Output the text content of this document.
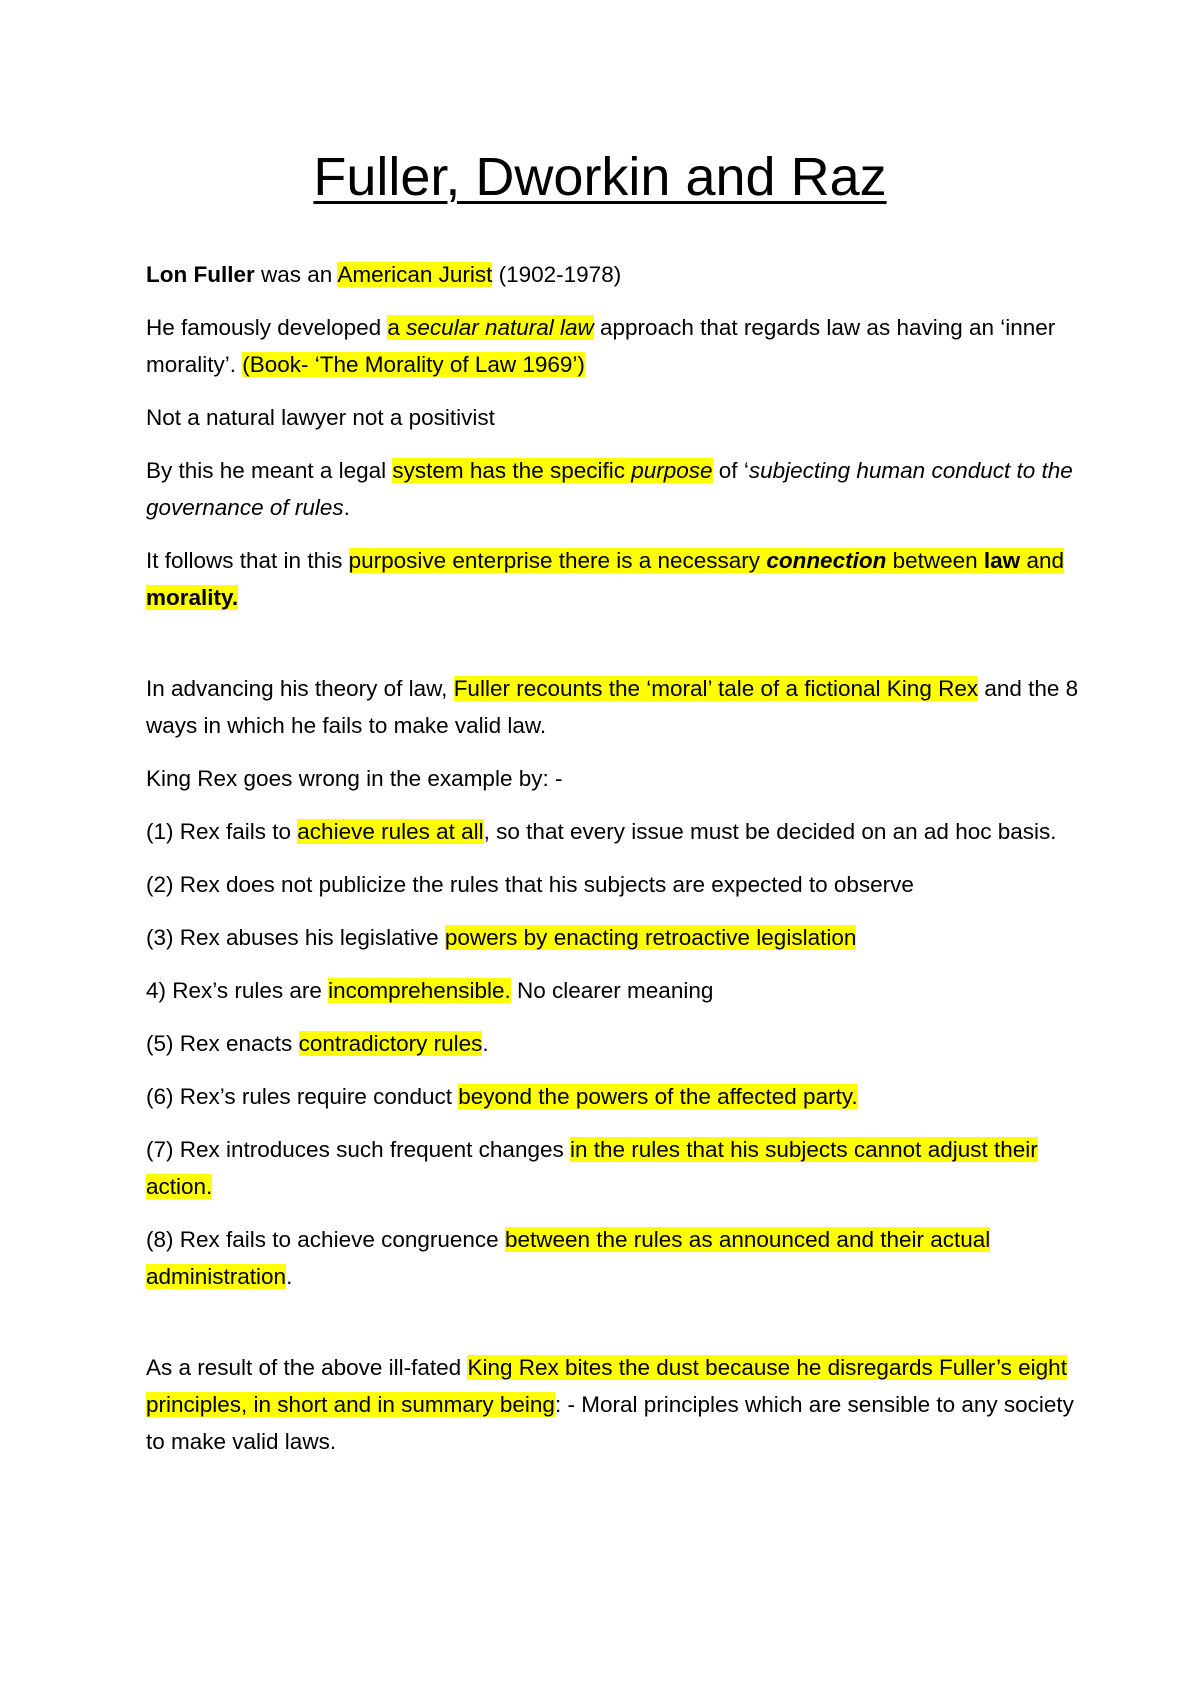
Fuller, Dworkin and Raz

Lon Fuller was an American Jurist (1902-1978)

He famously developed a secular natural law approach that regards law as having an ‘inner morality’. (Book- ‘The Morality of Law 1969’)

Not a natural lawyer not a positivist

By this he meant a legal system has the specific purpose of ‘subjecting human conduct to the governance of rules.

It follows that in this purposive enterprise there is a necessary connection between law and morality.

In advancing his theory of law, Fuller recounts the ‘moral’ tale of a fictional King Rex and the 8 ways in which he fails to make valid law.

King Rex goes wrong in the example by: -

(1) Rex fails to achieve rules at all, so that every issue must be decided on an ad hoc basis.

(2) Rex does not publicize the rules that his subjects are expected to observe

(3) Rex abuses his legislative powers by enacting retroactive legislation

4) Rex’s rules are incomprehensible. No clearer meaning

(5) Rex enacts contradictory rules.

(6) Rex’s rules require conduct beyond the powers of the affected party.

(7) Rex introduces such frequent changes in the rules that his subjects cannot adjust their action.

(8) Rex fails to achieve congruence between the rules as announced and their actual administration.

As a result of the above ill-fated King Rex bites the dust because he disregards Fuller’s eight principles, in short and in summary being: - Moral principles which are sensible to any society to make valid laws.
